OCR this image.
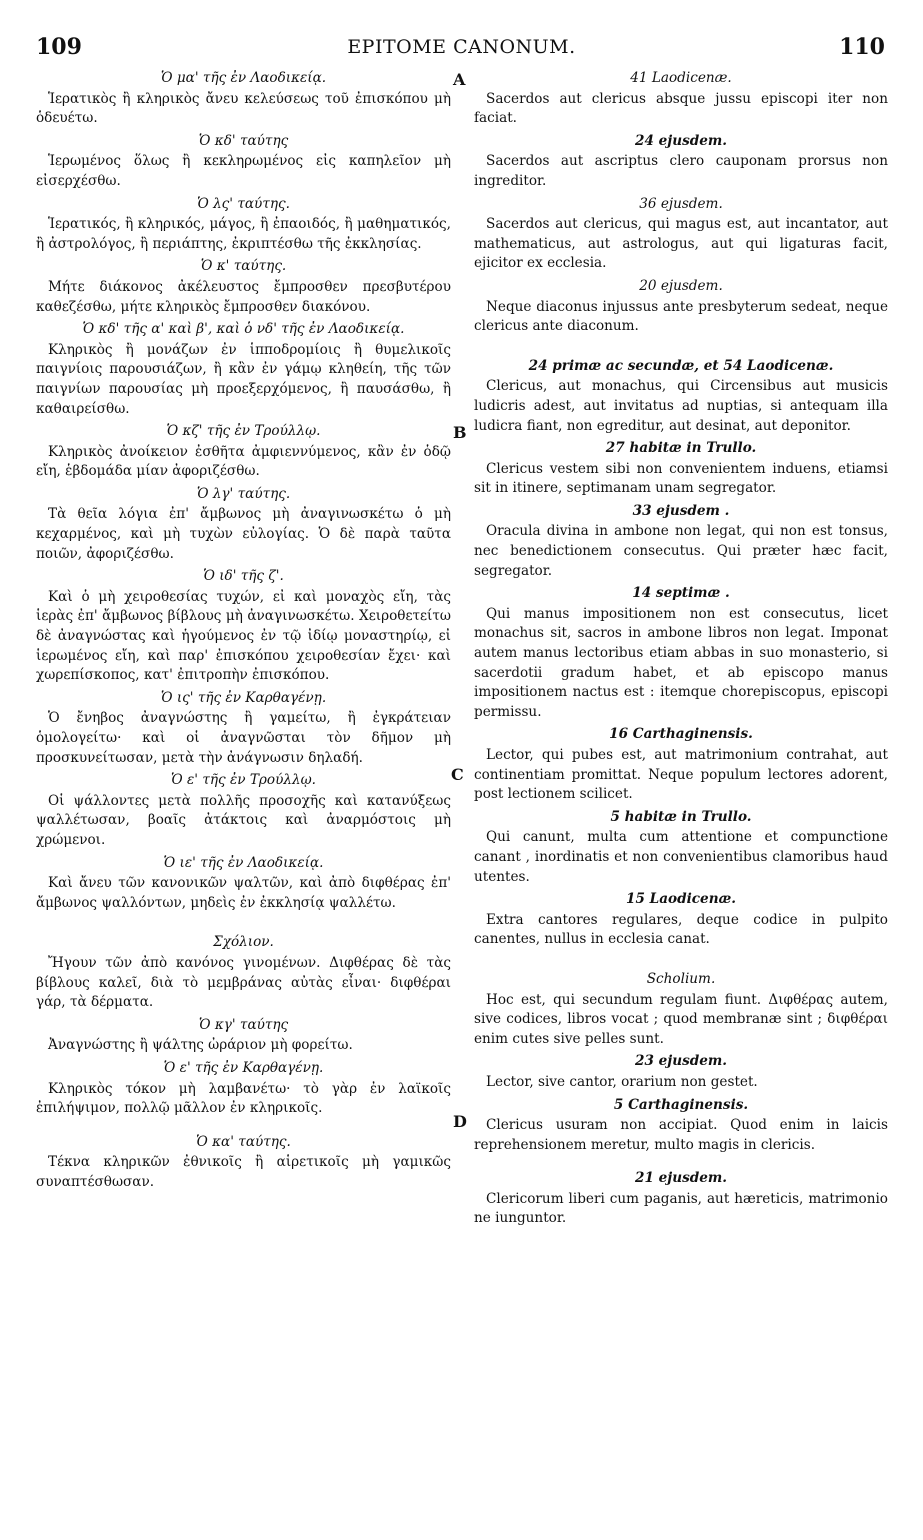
109	EPITOME CANONUM.	110
Ὁ μα' τῆς ἐν Λαοδικείᾳ.

Ἱερατικὸς ἢ κληρικὸς ἄνευ κελεύσεως τοῦ ἐπισκόπου μὴ ὁδευέτω.

Ὁ κδ' ταύτης

Ἱερωμένος ὅλως ἢ κεκληρωμένος εἰς καπηλεῖον μὴ εἰσερχέσθω.

Ὁ λς' ταύτης.

Ἱερατικός, ἢ κληρικός, μάγος, ἢ ἐπαοιδός, ἢ μαθηματικός, ἢ ἀστρολόγος, ἢ περιάπτης, ἐκριπτέσθω τῆς ἐκκλησίας.

Ὁ κ' ταύτης.

Μήτε διάκονος ἀκέλευστος ἔμπροσθεν πρεσβυτέρου καθεζέσθω, μήτε κληρικὸς ἔμπροσθεν διακόνου.

Ὁ κδ' τῆς α' καὶ β', καὶ ὁ νδ' τῆς ἐν Λαοδικείᾳ.

Κληρικὸς ἢ μονάζων ἐν ἱπποδρομίοις ἢ θυμελικοῖς παιγνίοις παρουσιάζων, ἢ κἂν ἐν γάμῳ κληθείη, τῆς τῶν παιγνίων παρουσίας μὴ προεξερχόμενος, ἢ παυσάσθω, ἢ καθαιρείσθω.

Ὁ κζ' τῆς ἐν Τρούλλῳ.

Κληρικὸς ἀνοίκειον ἐσθῆτα ἀμφιεννύμενος, κἂν ἐν ὁδῷ εἴη, ἑβδομάδα μίαν ἀφοριζέσθω.

Ὁ λγ' ταύτης.

Τὰ θεῖα λόγια ἐπ' ἄμβωνος μὴ ἀναγινωσκέτω ὁ μὴ κεχαρμένος, καὶ μὴ τυχὼν εὐλογίας. Ὁ δὲ παρὰ ταῦτα ποιῶν, ἀφοριζέσθω.

Ὁ ιδ' τῆς ζ'.

Καὶ ὁ μὴ χειροθεσίας τυχών, εἰ καὶ μοναχὸς εἴη, τὰς ἱερὰς ἐπ' ἄμβωνος βίβλους μὴ ἀναγινωσκέτω. Χειροθετείτω δὲ ἀναγνώστας καὶ ἡγούμενος ἐν τῷ ἰδίῳ μοναστηρίῳ, εἰ ἱερωμένος εἴη, καὶ παρ' ἐπισκόπου χειροθεσίαν ἔχει· καὶ χωρεπίσκοπος, κατ' ἐπιτροπὴν ἐπισκόπου.

Ὁ ις' τῆς ἐν Καρθαγένῃ.

Ὁ ἔνηβος ἀναγνώστης ἢ γαμείτω, ἢ ἐγκράτειαν ὁμολογείτω· καὶ οἱ ἀναγνῶσται τὸν δῆμον μὴ προσκυνείτωσαν, μετὰ τὴν ἀνάγνωσιν δηλαδή.

Ὁ ε' τῆς ἐν Τρούλλῳ.

Οἱ ψάλλοντες μετὰ πολλῆς προσοχῆς καὶ κατανύξεως ψαλλέτωσαν, βοαῖς ἀτάκτοις καὶ ἀναρμόστοις μὴ χρώμενοι.

Ὁ ιε' τῆς ἐν Λαοδικείᾳ.

Καὶ ἄνευ τῶν κανονικῶν ψαλτῶν, καὶ ἀπὸ διφθέρας ἐπ' ἄμβωνος ψαλλόντων, μηδεὶς ἐν ἐκκλησίᾳ ψαλλέτω.

Σχόλιον.

Ἤγουν τῶν ἀπὸ κανόνος γινομένων. Διφθέρας δὲ τὰς βίβλους καλεῖ, διὰ τὸ μεμβράνας αὐτὰς εἶναι· διφθέραι γάρ, τὰ δέρματα.

Ὁ κγ' ταύτης

Ἀναγνώστης ἢ ψάλτης ὠράριον μὴ φορείτω.

Ὁ ε' τῆς ἐν Καρθαγένῃ.

Κληρικὸς τόκον μὴ λαμβανέτω· τὸ γὰρ ἐν λαϊκοῖς ἐπιλήψιμον, πολλῷ μᾶλλον ἐν κληρικοῖς.

Ὁ κα' ταύτης.

Τέκνα κληρικῶν ἐθνικοῖς ἢ αἱρετικοῖς μὴ γαμικῶς συναπτέσθωσαν.

41 Laodicenæ.

Sacerdos aut clericus absque jussu episcopi iter non faciat.

24 ejusdem.

Sacerdos aut ascriptus clero cauponam prorsus non ingreditor.

36 ejusdem.

Sacerdos aut clericus, qui magus est, aut incantator, aut mathematicus, aut astrologus, aut qui ligaturas facit, ejicitor ex ecclesia.

20 ejusdem.

Neque diaconus injussus ante presbyterum sedeat, neque clericus ante diaconum.

24 primæ ac secundæ, et 54 Laodicenæ.

Clericus, aut monachus, qui Circensibus aut musicis ludicris adest, aut invitatus ad nuptias, si antequam illa ludicra fiant, non egreditur, aut desinat, aut deponitor.

27 habitæ in Trullo.

Clericus vestem sibi non convenientem induens, etiamsi sit in itinere, septimanam unam segregator.

33 ejusdem .

Oracula divina in ambone non legat, qui non est tonsus, nec benedictionem consecutus. Qui præter hæc facit, segregator.

14 septimæ .

Qui manus impositionem non est consecutus, licet monachus sit, sacros in ambone libros non legat. Imponat autem manus lectoribus etiam abbas in suo monasterio, si sacerdotii gradum habet, et ab episcopo manus impositionem nactus est : itemque chorepiscopus, episcopi permissu.

16 Carthaginensis.

Lector, qui pubes est, aut matrimonium contrahat, aut continentiam promittat. Neque populum lectores adorent, post lectionem scilicet.

5 habitæ in Trullo.

Qui canunt, multa cum attentione et compunctione canant , inordinatis et non convenientibus clamoribus haud utentes.

15 Laodicenæ.

Extra cantores regulares, deque codice in pulpito canentes, nullus in ecclesia canat.

Scholium.

Hoc est, qui secundum regulam fiunt. Διφθέρας autem, sive codices, libros vocat ; quod membranæ sint ; διφθέραι enim cutes sive pelles sunt.

23 ejusdem.

Lector, sive cantor, orarium non gestet.

5 Carthaginensis.

Clericus usuram non accipiat. Quod enim in laicis reprehensionem meretur, multo magis in clericis.

21 ejusdem.

Clericorum liberi cum paganis, aut hæreticis, matrimonio ne iunguntor.

A
B
C
D
